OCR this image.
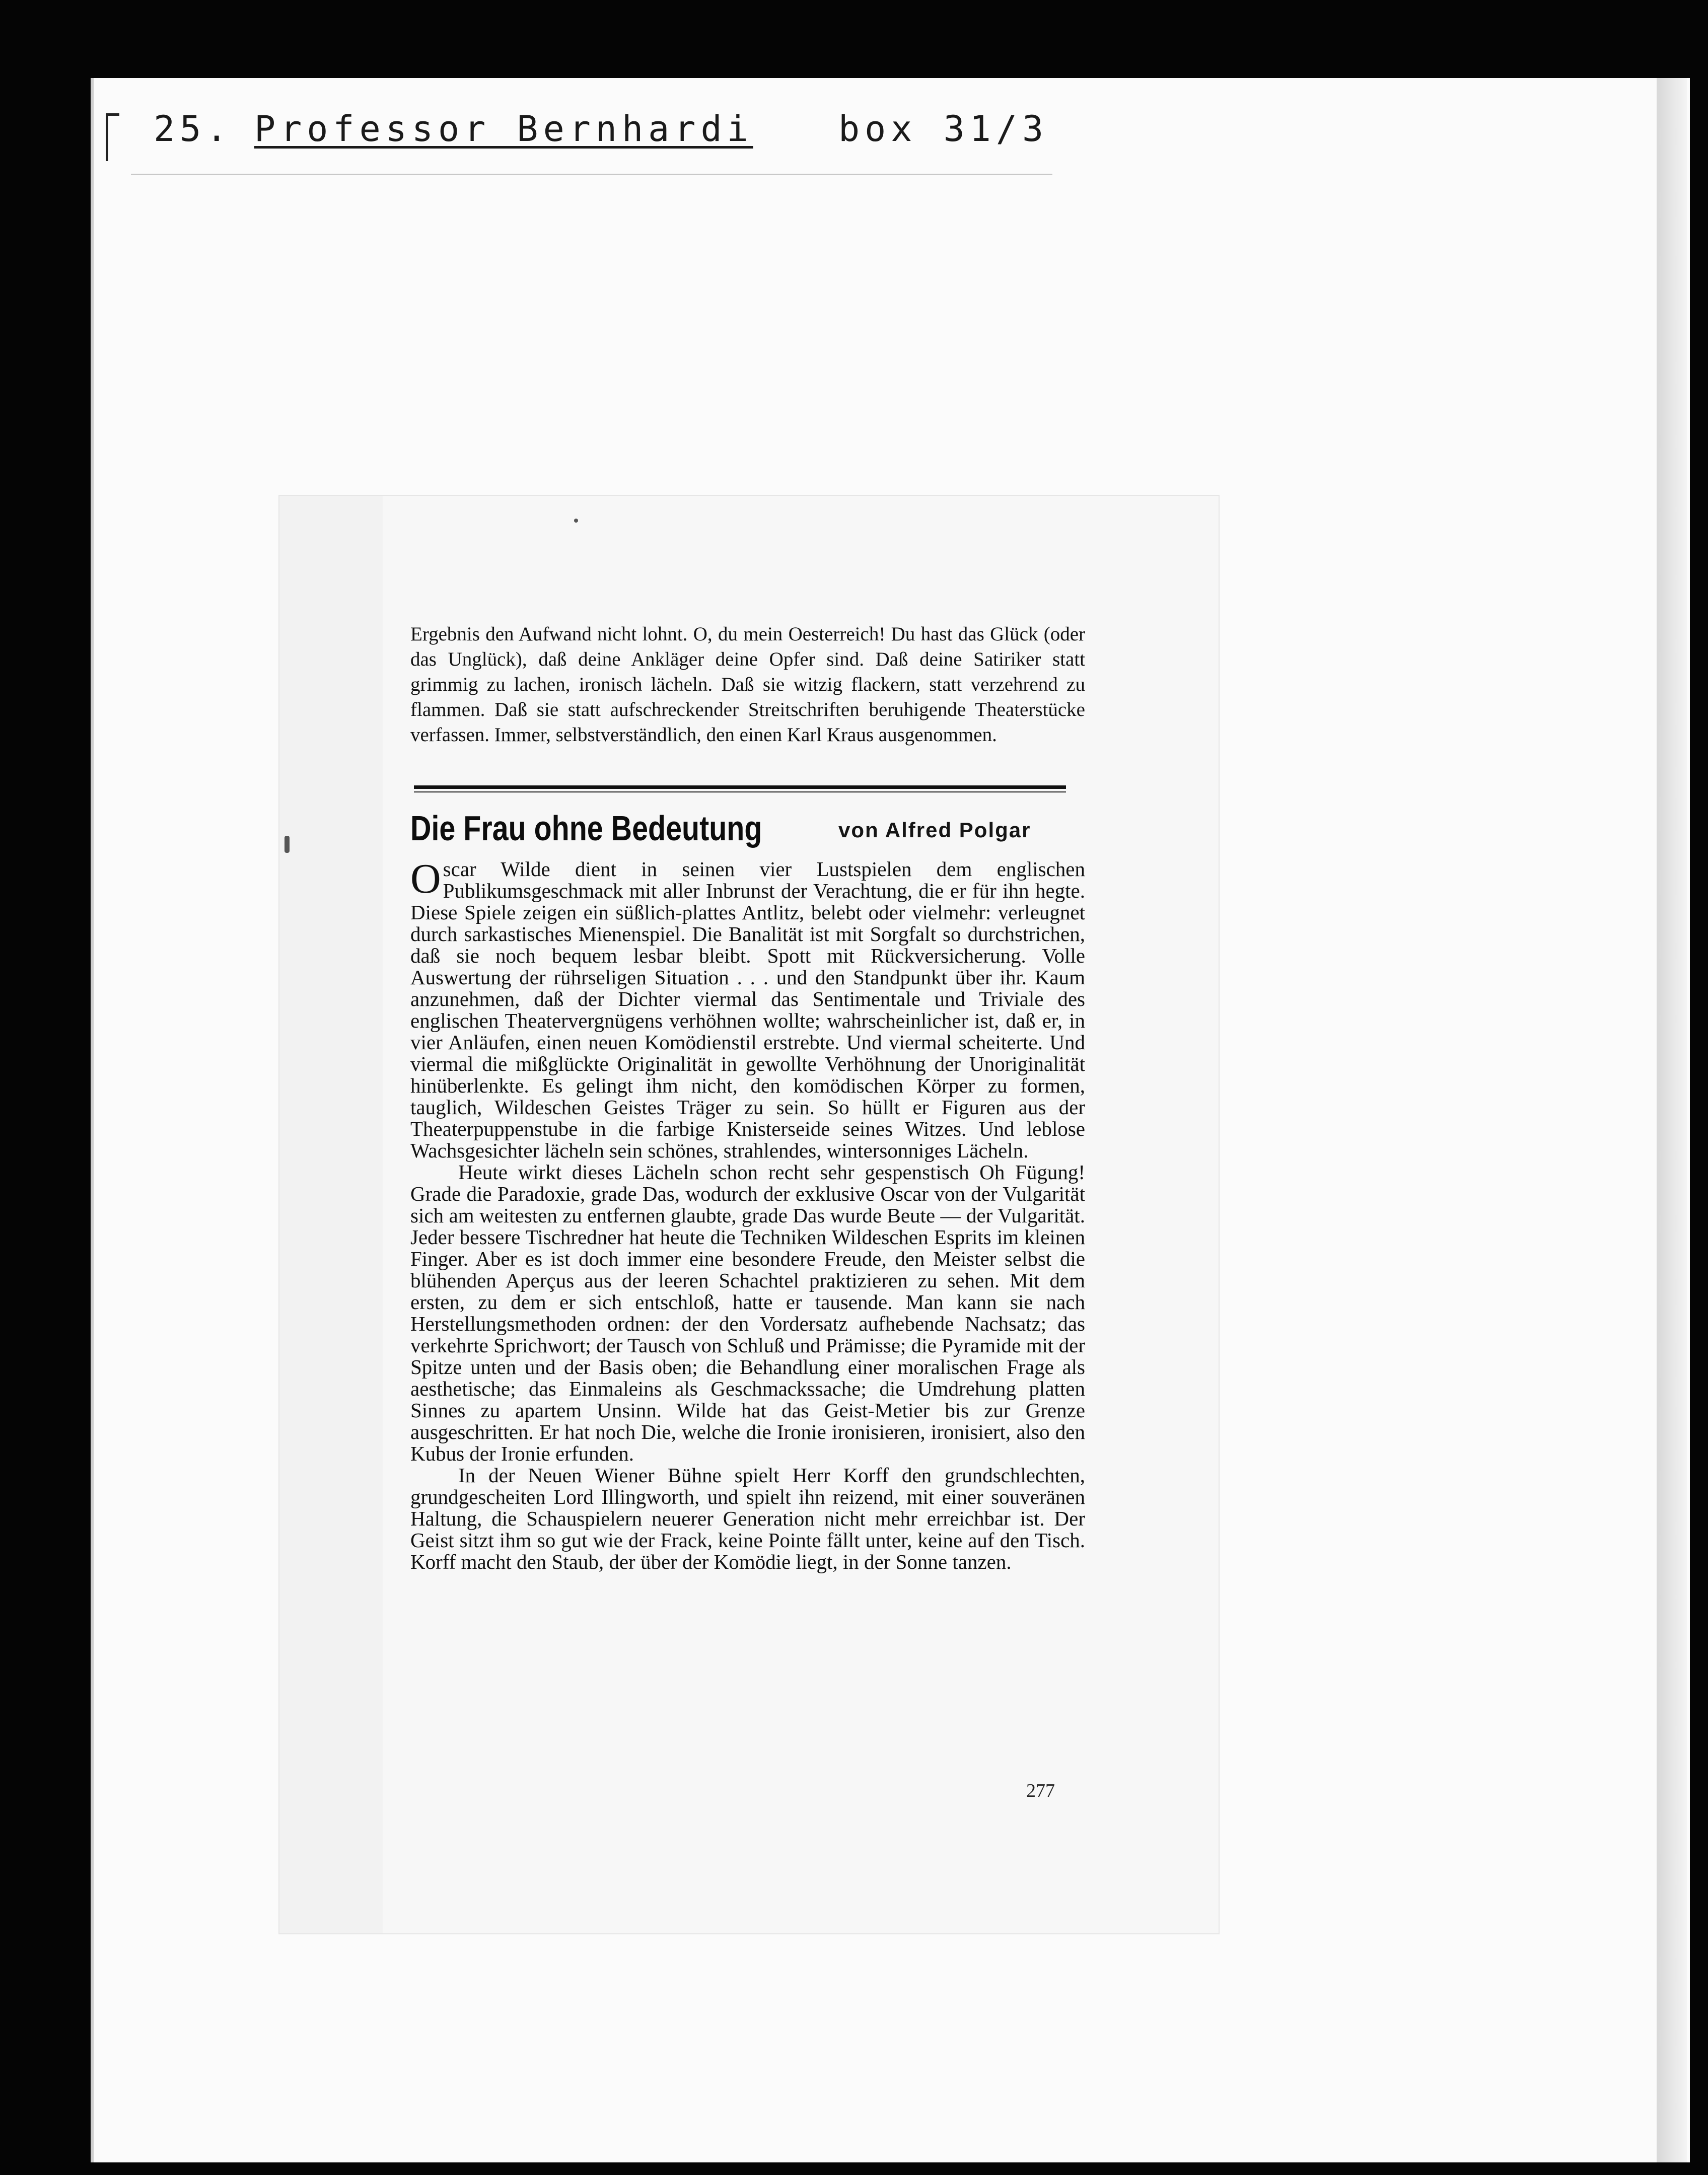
25. Professor Bernhardi box 31/3

Ergebnis den Aufwand nicht lohnt. O, du mein Oesterreich! Du hast das Glück (oder das Unglück), daß deine Ankläger deine Opfer sind. Daß deine Satiriker statt grimmig zu lachen, ironisch lächeln. Daß sie witzig flackern, statt verzehrend zu flammen. Daß sie statt aufschreckender Streitschriften beruhigende Theaterstücke verfassen. Immer, selbstverständlich, den einen Karl Kraus ausgenommen.

Die Frau ohne Bedeutung	von Alfred Polgar

Oscar Wilde dient in seinen vier Lustspielen dem englischen Publikumsgeschmack mit aller Inbrunst der Verachtung, die er für ihn hegte. Diese Spiele zeigen ein süßlich-plattes Antlitz, belebt oder vielmehr: verleugnet durch sarkastisches Mienenspiel. Die Banalität ist mit Sorgfalt so durchstrichen, daß sie noch bequem lesbar bleibt. Spott mit Rückversicherung. Volle Auswertung der rührseligen Situation . . . und den Standpunkt über ihr. Kaum anzunehmen, daß der Dichter viermal das Sentimentale und Triviale des englischen Theatervergnügens verhöhnen wollte; wahrscheinlicher ist, daß er, in vier Anläufen, einen neuen Komödienstil erstrebte. Und viermal scheiterte. Und viermal die mißglückte Originalität in gewollte Verhöhnung der Unoriginalität hinüberlenkte. Es gelingt ihm nicht, den komödischen Körper zu formen, tauglich, Wildeschen Geistes Träger zu sein. So hüllt er Figuren aus der Theaterpuppenstube in die farbige Knisterseide seines Witzes. Und leblose Wachsgesichter lächeln sein schönes, strahlendes, wintersonniges Lächeln.

Heute wirkt dieses Lächeln schon recht sehr gespenstisch Oh Fügung! Grade die Paradoxie, grade Das, wodurch der exklusive Oscar von der Vulgarität sich am weitesten zu entfernen glaubte, grade Das wurde Beute — der Vulgarität. Jeder bessere Tischredner hat heute die Techniken Wildeschen Esprits im kleinen Finger. Aber es ist doch immer eine besondere Freude, den Meister selbst die blühenden Aperçus aus der leeren Schachtel praktizieren zu sehen. Mit dem ersten, zu dem er sich entschloß, hatte er tausende. Man kann sie nach Herstellungsmethoden ordnen: der den Vordersatz aufhebende Nachsatz; das verkehrte Sprichwort; der Tausch von Schluß und Prämisse; die Pyramide mit der Spitze unten und der Basis oben; die Behandlung einer moralischen Frage als aesthetische; das Einmaleins als Geschmackssache; die Umdrehung platten Sinnes zu apartem Unsinn. Wilde hat das Geist-Metier bis zur Grenze ausgeschritten. Er hat noch Die, welche die Ironie ironisieren, ironisiert, also den Kubus der Ironie erfunden.

In der Neuen Wiener Bühne spielt Herr Korff den grundschlechten, grundgescheiten Lord Illingworth, und spielt ihn reizend, mit einer souveränen Haltung, die Schauspielern neuerer Generation nicht mehr erreichbar ist. Der Geist sitzt ihm so gut wie der Frack, keine Pointe fällt unter, keine auf den Tisch. Korff macht den Staub, der über der Komödie liegt, in der Sonne tanzen.

277
